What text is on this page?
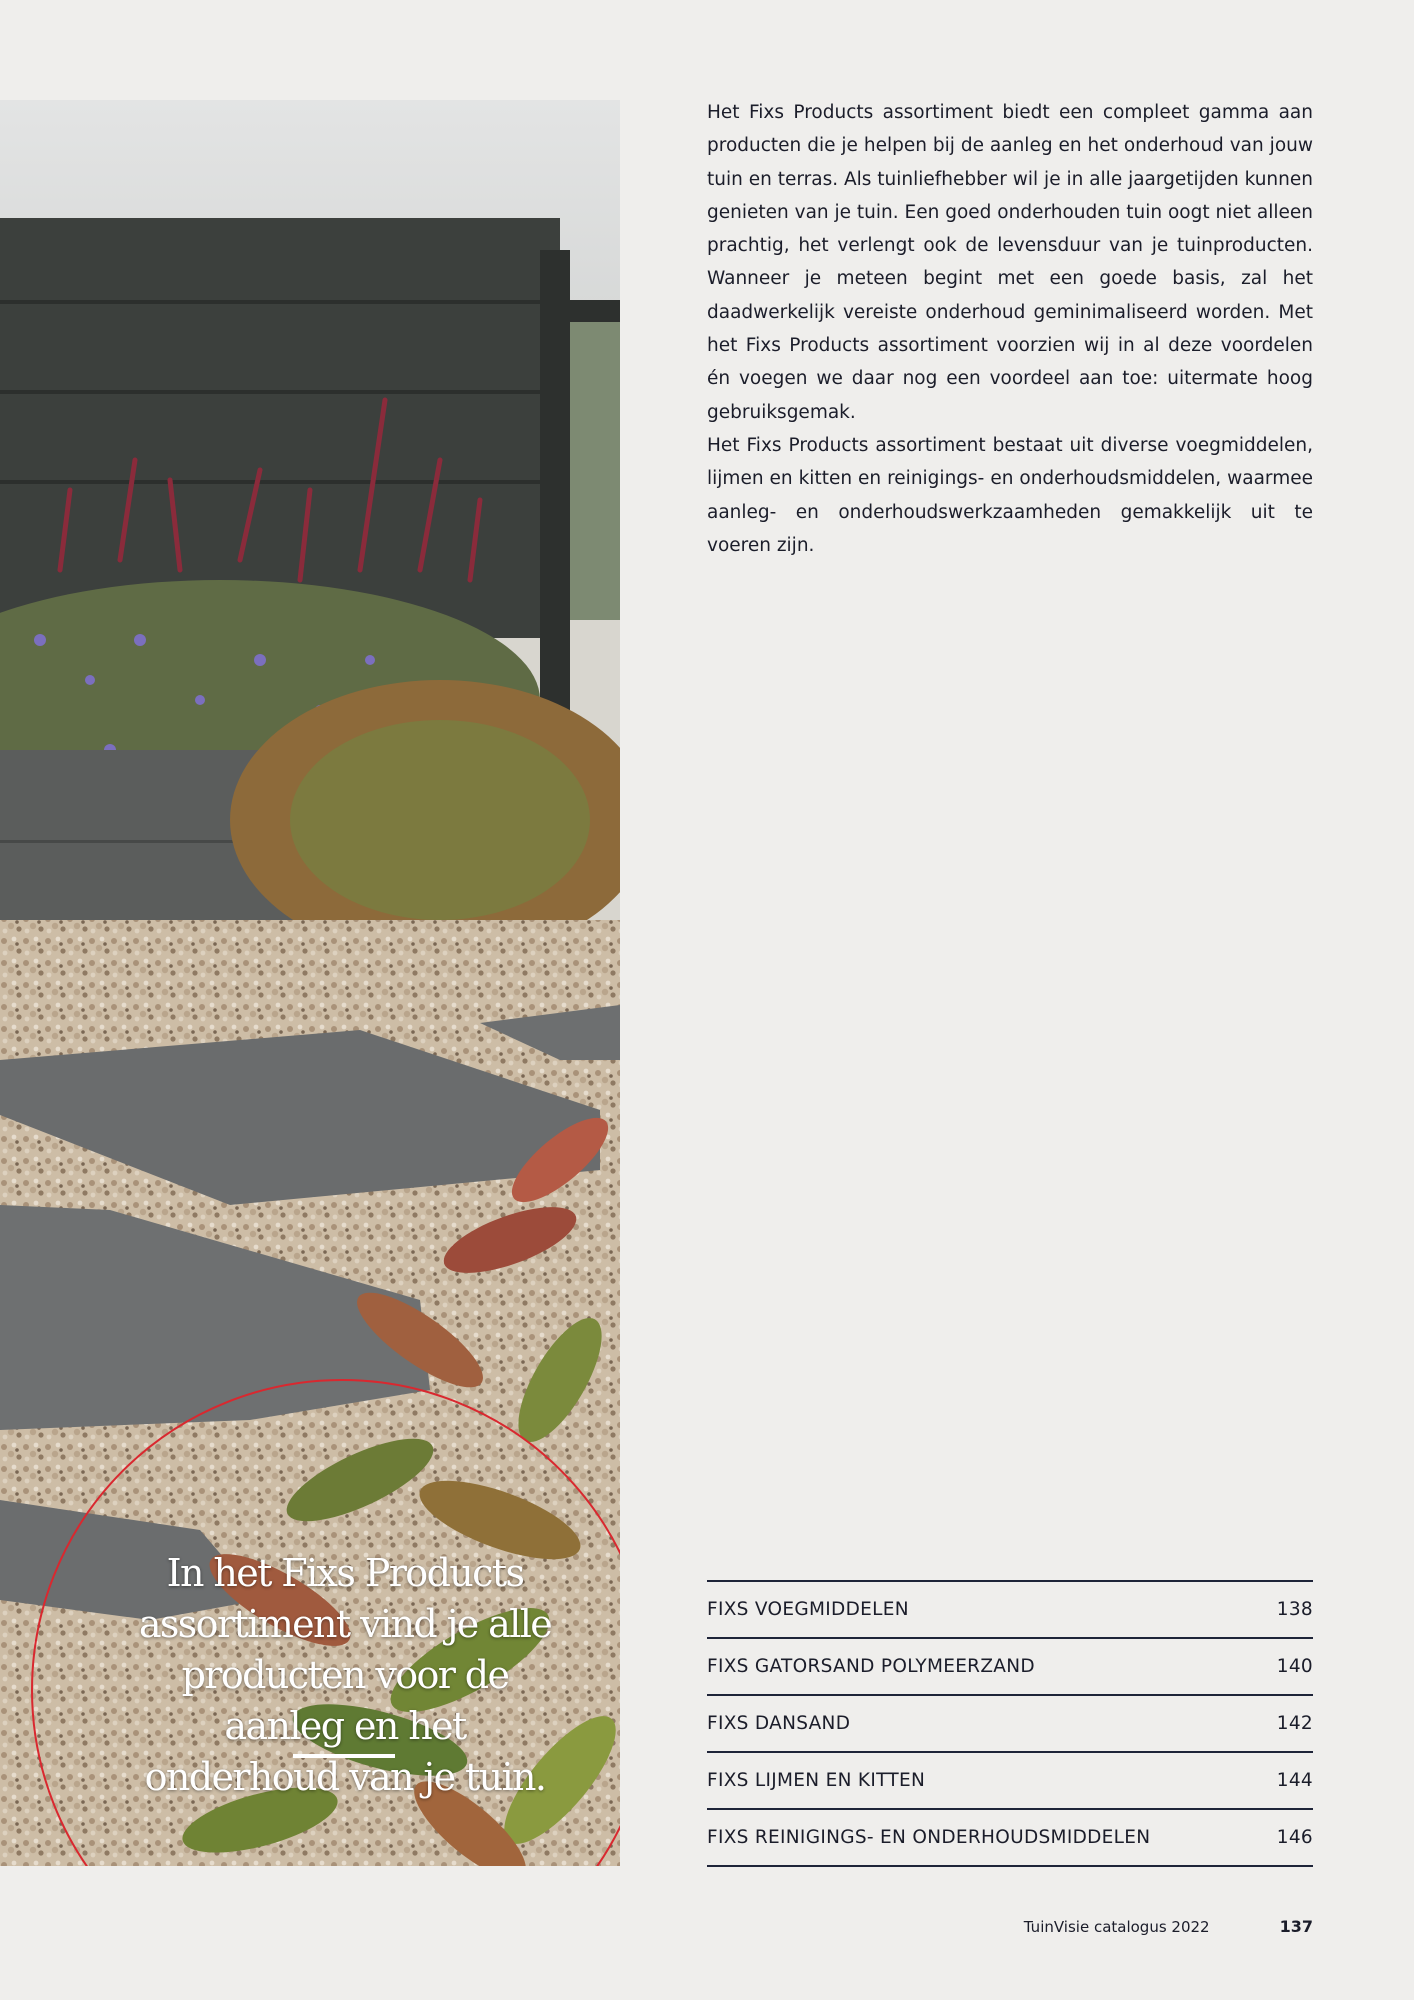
In het Fixs Products assortiment vind je alle producten voor de aanleg en het onderhoud van je tuin.

Het Fixs Products assortiment biedt een compleet gamma aan producten die je helpen bij de aanleg en het onderhoud van jouw tuin en terras. Als tuinliefhebber wil je in alle jaargetijden kunnen genieten van je tuin. Een goed onderhouden tuin oogt niet alleen prachtig, het verlengt ook de levensduur van je tuinproducten. Wanneer je meteen begint met een goede basis, zal het daadwerkelijk vereiste onderhoud geminimaliseerd worden. Met het Fixs Products assortiment voorzien wij in al deze voordelen én voegen we daar nog een voordeel aan toe: uitermate hoog gebruiksgemak.

Het Fixs Products assortiment bestaat uit diverse voegmiddelen, lijmen en kitten en reinigings- en onderhoudsmiddelen, waarmee aanleg- en onderhoudswerkzaamheden gemakkelijk uit te voeren zijn.

FIXS VOEGMIDDELEN	138
FIXS GATORSAND POLYMEERZAND	140
FIXS DANSAND	142
FIXS LIJMEN EN KITTEN	144
FIXS REINIGINGS- EN ONDERHOUDSMIDDELEN	146
TuinVisie catalogus 2022	137
